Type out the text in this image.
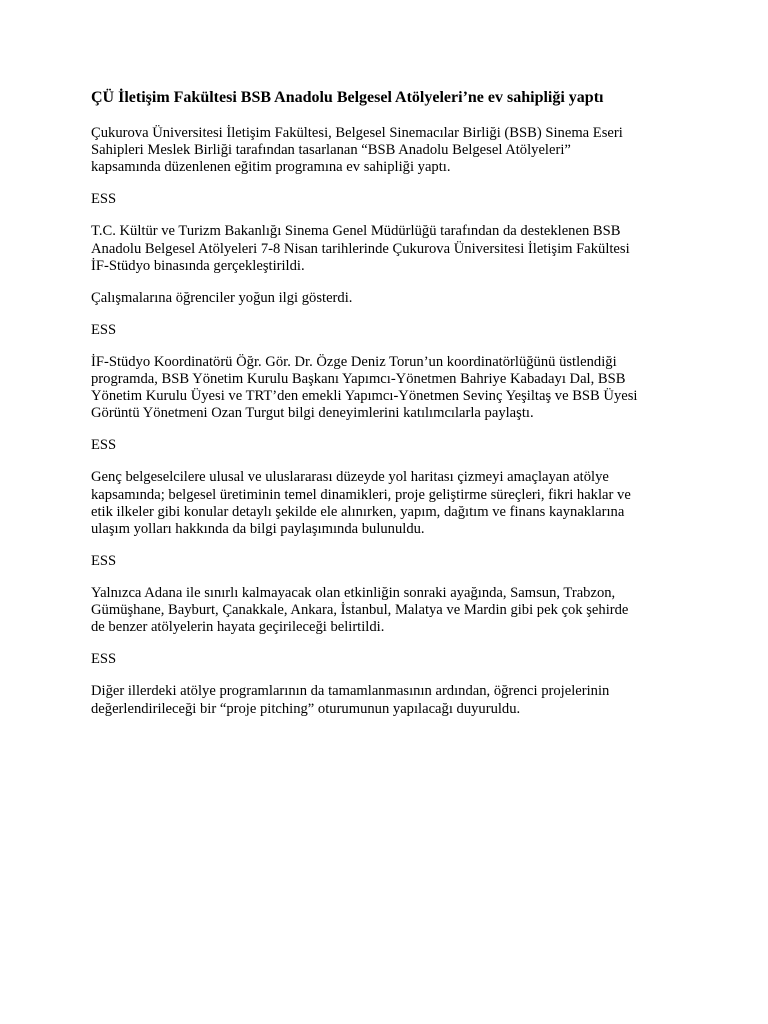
ÇÜ İletişim Fakültesi BSB Anadolu Belgesel Atölyeleri’ne ev sahipliği yaptı
Çukurova Üniversitesi İletişim Fakültesi, Belgesel Sinemacılar Birliği (BSB) Sinema Eseri
Sahipleri Meslek Birliği tarafından tasarlanan “BSB Anadolu Belgesel Atölyeleri”
kapsamında düzenlenen eğitim programına ev sahipliği yaptı.
ESS
T.C. Kültür ve Turizm Bakanlığı Sinema Genel Müdürlüğü tarafından da desteklenen BSB
Anadolu Belgesel Atölyeleri 7-8 Nisan tarihlerinde Çukurova Üniversitesi İletişim Fakültesi
İF-Stüdyo binasında gerçekleştirildi.
Çalışmalarına öğrenciler yoğun ilgi gösterdi.
ESS
İF-Stüdyo Koordinatörü Öğr. Gör. Dr. Özge Deniz Torun’un koordinatörlüğünü üstlendiği
programda, BSB Yönetim Kurulu Başkanı Yapımcı-Yönetmen Bahriye Kabadayı Dal, BSB
Yönetim Kurulu Üyesi ve TRT’den emekli Yapımcı-Yönetmen Sevinç Yeşiltaş ve BSB Üyesi
Görüntü Yönetmeni Ozan Turgut bilgi deneyimlerini katılımcılarla paylaştı.
ESS
Genç belgeselcilere ulusal ve uluslararası düzeyde yol haritası çizmeyi amaçlayan atölye
kapsamında; belgesel üretiminin temel dinamikleri, proje geliştirme süreçleri, fikri haklar ve
etik ilkeler gibi konular detaylı şekilde ele alınırken, yapım, dağıtım ve finans kaynaklarına
ulaşım yolları hakkında da bilgi paylaşımında bulunuldu.
ESS
Yalnızca Adana ile sınırlı kalmayacak olan etkinliğin sonraki ayağında, Samsun, Trabzon,
Gümüşhane, Bayburt, Çanakkale, Ankara, İstanbul, Malatya ve Mardin gibi pek çok şehirde
de benzer atölyelerin hayata geçirileceği belirtildi.
ESS
Diğer illerdeki atölye programlarının da tamamlanmasının ardından, öğrenci projelerinin
değerlendirileceği bir “proje pitching” oturumunun yapılacağı duyuruldu.
